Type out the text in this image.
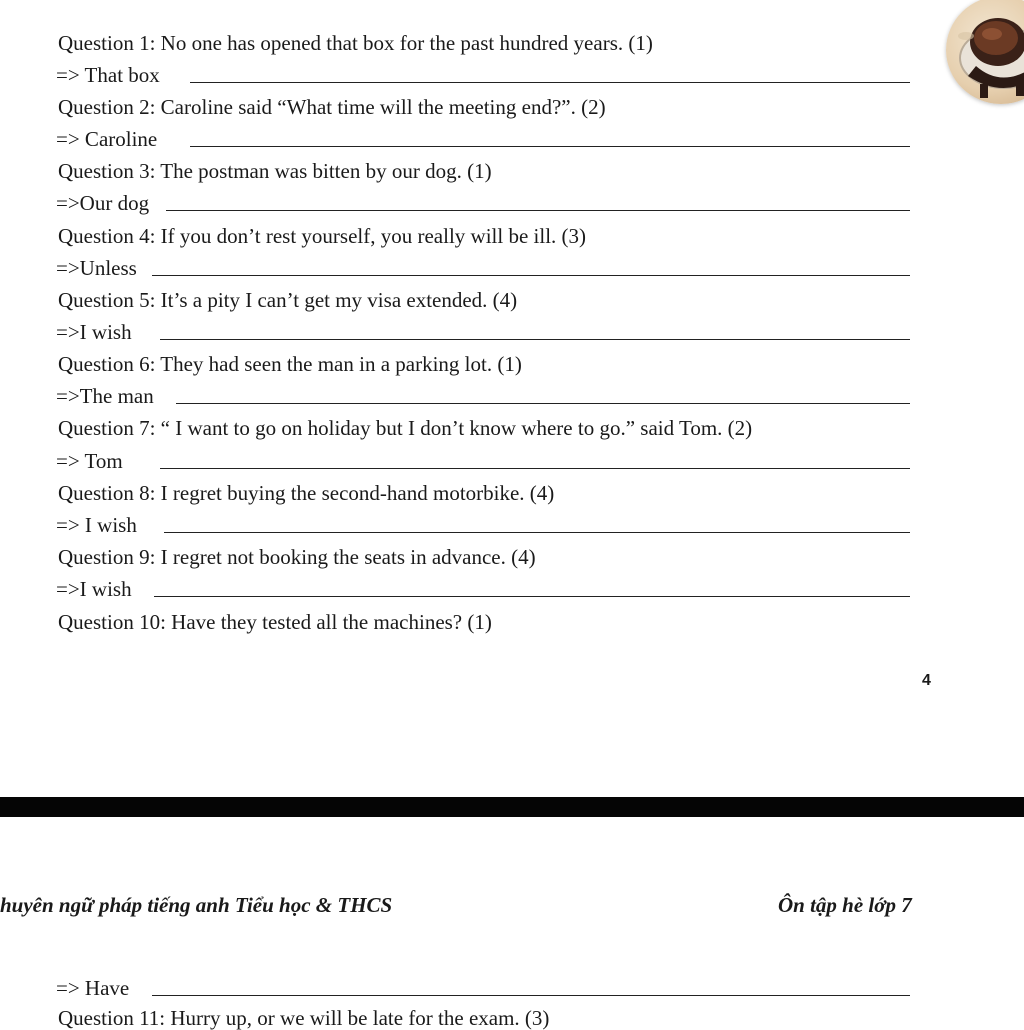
Question 1: No one has opened that box for the past hundred years. (1)
=> That box
Question 2: Caroline said “What time will the meeting end?”. (2)
=> Caroline
Question 3: The postman was bitten by our dog. (1)
=>Our dog
Question 4: If you don’t rest yourself, you really will be ill. (3)
=>Unless
Question 5: It’s a pity I can’t get my visa extended. (4)
=>I wish
Question 6: They had seen the man in a parking lot. (1)
=>The man
Question 7: “ I want to go on holiday but I don’t know where to go.” said Tom. (2)
=> Tom
Question 8: I regret buying the second-hand motorbike. (4)
=> I wish
Question 9: I regret not booking the seats in advance. (4)
=>I wish
Question 10: Have they tested all the machines? (1)
4
huyên ngữ pháp tiếng anh Tiểu học & THCS	Ôn tập hè lớp 7
=> Have
Question 11: Hurry up, or we will be late for the exam. (3)
